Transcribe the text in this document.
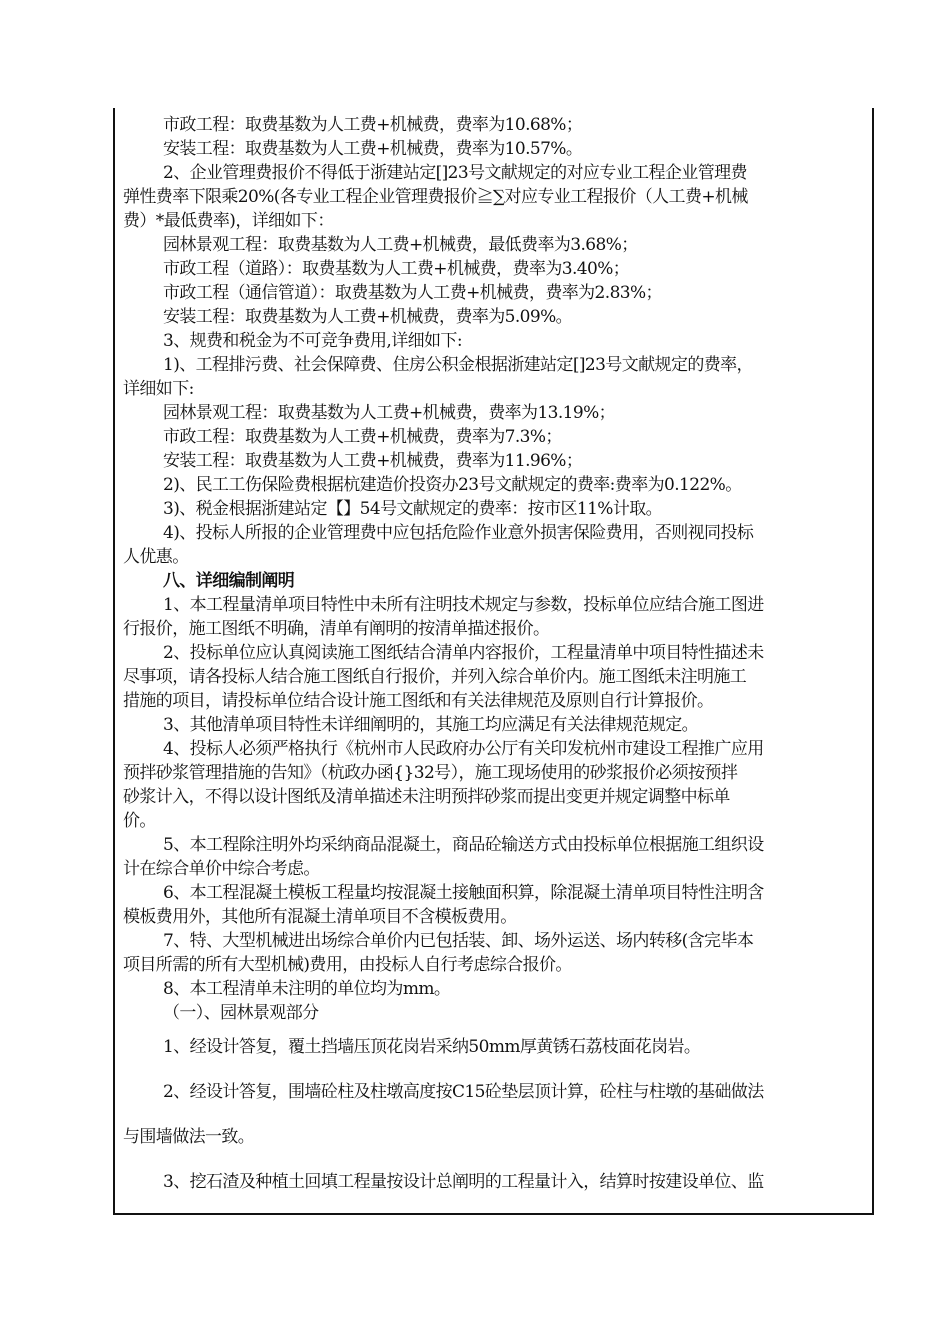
市政工程：取费基数为人工费+机械费，费率为10.68%；
安装工程：取费基数为人工费+机械费，费率为10.57%。
2、企业管理费报价不得低于浙建站定[]23号文献规定的对应专业工程企业管理费
弹性费率下限乘20%(各专业工程企业管理费报价≧∑对应专业工程报价（人工费+机械
费）*最低费率)，详细如下：
园林景观工程：取费基数为人工费+机械费，最低费率为3.68%；
市政工程（道路）：取费基数为人工费+机械费，费率为3.40%；
市政工程（通信管道）：取费基数为人工费+机械费，费率为2.83%；
安装工程：取费基数为人工费+机械费，费率为5.09%。
3、规费和税金为不可竞争费用,详细如下:
1)、工程排污费、社会保障费、住房公积金根据浙建站定[]23号文献规定的费率，
详细如下:
园林景观工程：取费基数为人工费+机械费，费率为13.19%；
市政工程：取费基数为人工费+机械费，费率为7.3%；
安装工程：取费基数为人工费+机械费，费率为11.96%；
2)、民工工伤保险费根据杭建造价投资办23号文献规定的费率:费率为0.122%。
3)、税金根据浙建站定【】54号文献规定的费率：按市区11%计取。
4)、投标人所报的企业管理费中应包括危险作业意外损害保险费用，否则视同投标
人优惠。
八、详细编制阐明
1、本工程量清单项目特性中未所有注明技术规定与参数，投标单位应结合施工图进
行报价，施工图纸不明确，清单有阐明的按清单描述报价。
2、投标单位应认真阅读施工图纸结合清单内容报价，工程量清单中项目特性描述未
尽事项，请各投标人结合施工图纸自行报价，并列入综合单价内。施工图纸未注明施工
措施的项目，请投标单位结合设计施工图纸和有关法律规范及原则自行计算报价。
3、其他清单项目特性未详细阐明的，其施工均应满足有关法律规范规定。
4、投标人必须严格执行《杭州市人民政府办公厅有关印发杭州市建设工程推广应用
预拌砂浆管理措施的告知》（杭政办函{}32号），施工现场使用的砂浆报价必须按预拌
砂浆计入，不得以设计图纸及清单描述未注明预拌砂浆而提出变更并规定调整中标单
价。
5、本工程除注明外均采纳商品混凝土，商品砼输送方式由投标单位根据施工组织设
计在综合单价中综合考虑。
6、本工程混凝土模板工程量均按混凝土接触面积算，除混凝土清单项目特性注明含
模板费用外，其他所有混凝土清单项目不含模板费用。
7、特、大型机械进出场综合单价内已包括装、卸、场外运送、场内转移(含完毕本
项目所需的所有大型机械)费用，由投标人自行考虑综合报价。
8、本工程清单未注明的单位均为mm。
（一）、园林景观部分
1、经设计答复，覆土挡墙压顶花岗岩采纳50mm厚黄锈石荔枝面花岗岩。
2、经设计答复，围墙砼柱及柱墩高度按C15砼垫层顶计算，砼柱与柱墩的基础做法
与围墙做法一致。
3、挖石渣及种植土回填工程量按设计总阐明的工程量计入，结算时按建设单位、监
